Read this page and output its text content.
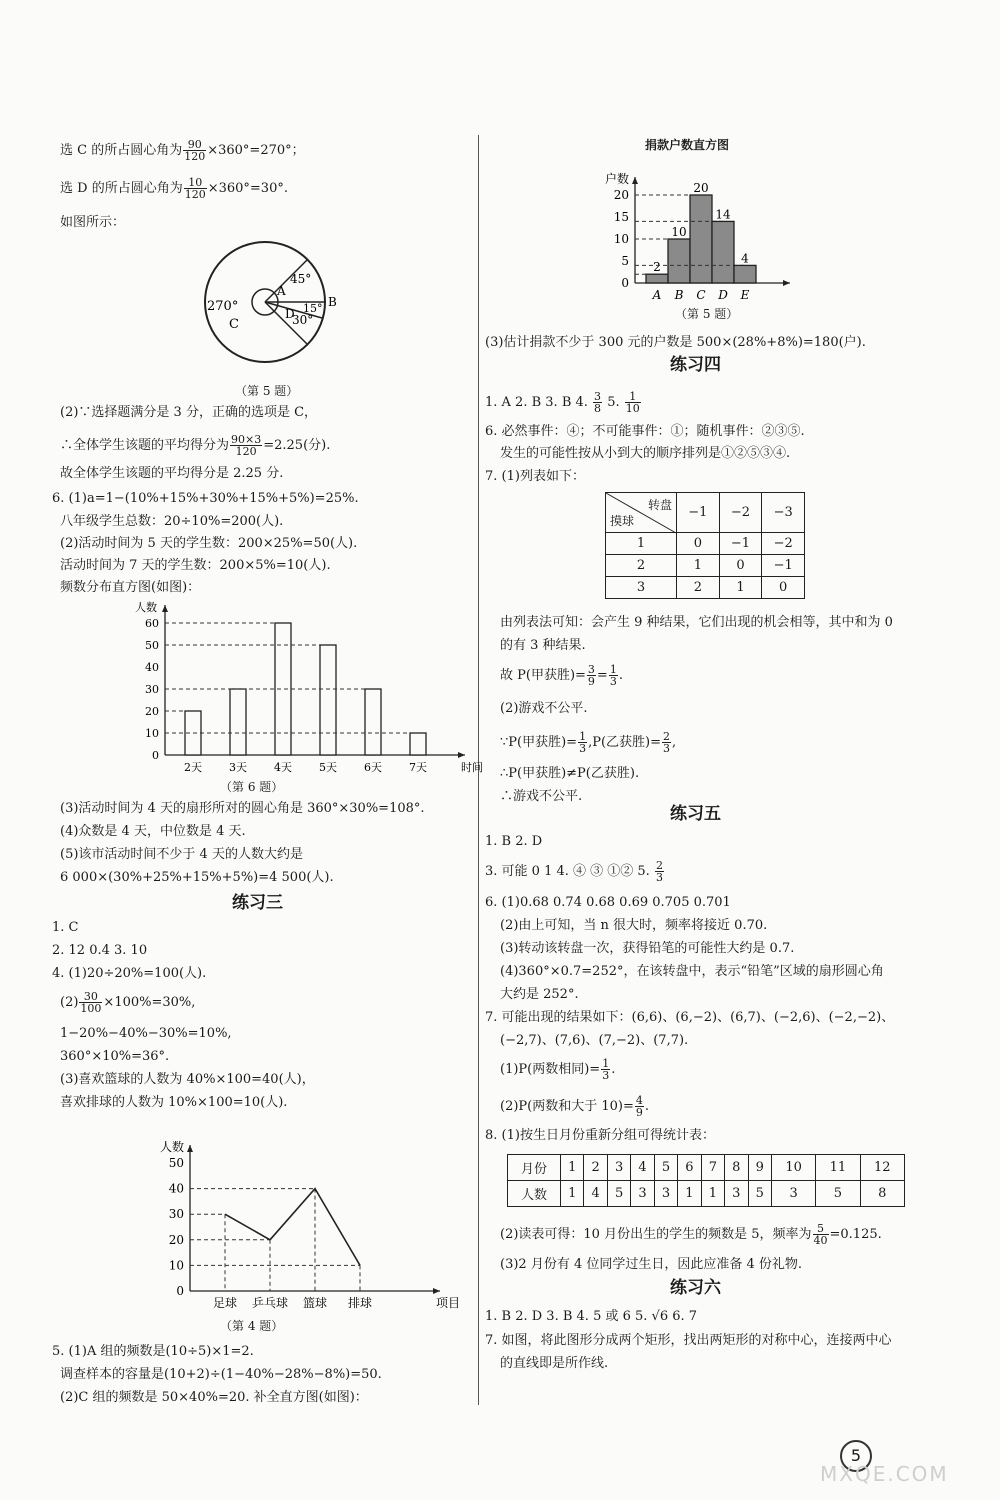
选 C 的所占圆心角为 $\frac{90}{120} \times 360^\circ=270^\circ$；
选 D 的所占圆心角为 $\frac{10}{120} \times 360^\circ=30^\circ$.
如图所示：
270°
C
A
45°
B
15°
D
30°
（第 5 题）
(2)∵选择题满分是 3 分，正确的选项是 C，
∴全体学生该题的平均得分为 $\frac{90\times 3}{120} =2.25$(分).
故全体学生该题的平均得分是 2.25 分.
6. (1)a=1−(10%+15%+30%+15%+5%)=25%.
八年级学生总数：20÷10%=200(人).
(2)活动时间为 5 天的学生数：200×25%=50(人).
活动时间为 7 天的学生数：200×5%=10(人).
频数分布直方图(如图)：
人数
时间
0
10
20
30
40
50
60
2天 3天 4天 5天 6天 7天
（第 6 题）
(3)活动时间为 4 天的扇形所对的圆心角是 360°×30%=108°.
(4)众数是 4 天，中位数是 4 天.
(5)该市活动时间不少于 4 天的人数大约是
6 000×(30%+25%+15%+5%)=4 500(人).
练习三
1. C
2. 12 0.4 3. 10
4. (1)20÷20%=100(人).
$(2) \frac{30}{100} \times 100\%=30\%$,
1−20%−40%−30%=10%,
360°×10%=36°.
(3)喜欢篮球的人数为 40%×100=40(人)，
喜欢排球的人数为 10%×100=10(人).
人数
项目
0
10
20
30
40
50
足球 乒乓球 篮球 排球
（第 4 题）
5. (1)A 组的频数是(10÷5)×1=2.
调查样本的容量是(10+2)÷(1−40%−28%−8%)=50.
(2)C 组的频数是 50×40%=20. 补全直方图(如图)：
捐款户数直方图
户数
0
5
10
15
20
2
A
10
B
20
C
14
D
4
E
（第 5 题）
(3)估计捐款不少于 300 元的户数是 500×(28%+8%)=180(户).
练习四
1. A 2. B 3. B 4. $\frac{3}{8} 5$. $\frac{1}{10}$
6. 必然事件：④；不可能事件：①；随机事件：②③⑤.
发生的可能性按从小到大的顺序排列是①②⑤③④.
7. (1)列表如下：
转盘
摸球	−1	−2	−3
1	0	−1	−2
2	1	0	−1
3	2	1	0
由列表法可知：会产生 9 种结果，它们出现的机会相等，其中和为 0
的有 3 种结果.
故 P(甲获胜)= $\frac{3}{9} = \frac{1}{3}$ .
(2)游戏不公平.
∵P(甲获胜)= $\frac{1}{3} ,P$(乙获胜)= $\frac{2}{3}$ ,
∴P(甲获胜)≠P(乙获胜).
∴游戏不公平.
练习五
1. B 2. D
3. 可能 0 1 4. ④ ③ ①② 5. $\frac{2}{3}$
6. (1)0.68 0.74 0.68 0.69 0.705 0.701
(2)由上可知，当 n 很大时，频率将接近 0.70.
(3)转动该转盘一次，获得铅笔的可能性大约是 0.7.
(4)360°×0.7=252°，在该转盘中，表示“铅笔”区域的扇形圆心角
大约是 252°.
7. 可能出现的结果如下：(6,6)、(6,−2)、(6,7)、(−2,6)、(−2,−2)、
(−2,7)、(7,6)、(7,−2)、(7,7).
(1)P(两数相同)= $\frac{1}{3}$ .
(2)P(两数和大于 $10)= \frac{4}{9}$ .
8. (1)按生日月份重新分组可得统计表：
月份	1	2	3	4	5	6	7	8	9	10	11	12
人数	1	4	5	3	3	1	1	3	5	3	5	8
(2)读表可得：10 月份出生的学生的频数是 5，频率为 $\frac{5}{40} =0.125$.
(3)2 月份有 4 位同学过生日，因此应准备 4 份礼物.
练习六
1. B 2. D 3. B 4. 5 或 6 5. √6 6. 7
7. 如图，将此图形分成两个矩形，找出两矩形的对称中心，连接两中心
的直线即是所作线.
5
MXQE.COM
